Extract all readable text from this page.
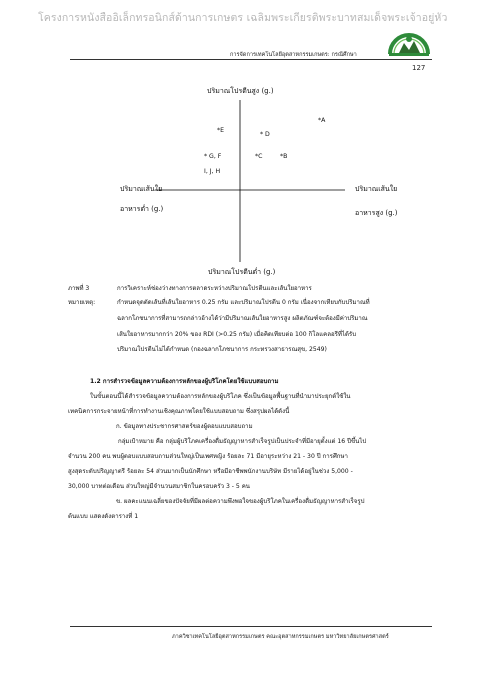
โครงการหนังสืออิเล็กทรอนิกส์ด้านการเกษตร เฉลิมพระเกียรติพระบาทสมเด็จพระเจ้าอยู่หัว
การจัดการเทคโนโลยีอุตสาหกรรมเกษตร: กรณีศึกษา
127
ปริมาณโปรตีนสูง (g.)
ปริมาณโปรตีนต่ำ (g.)
ปริมาณเส้นใย
อาหารต่ำ (g.)
ปริมาณเส้นใย
อาหารสูง (g.)
*A
*E
* D
* G, F	*C	*B
I, J, H
ภาพที่ 3	การวิเคราะห์ช่องว่างทางการตลาดระหว่างปริมาณโปรตีนและเส้นใยอาหาร
หมายเหตุ:	กำหนดจุดตัดเส้นที่เส้นใยอาหาร 0.25 กรัม และปริมาณโปรตีน 0 กรัม เนื่องจากเทียบกับปริมาณที่
ฉลากโภชนาการที่สามารถกล่าวอ้างได้ว่ามีปริมาณเส้นใยอาหารสูง ผลิตภัณฑ์จะต้องมีค่าปริมาณ
เส้นใยอาหารมากกว่า 20% ของ RDI (>0.25 กรัม) เมื่อคิดเทียบต่อ 100 กิโลแคลอรีที่ได้รับ
ปริมาณโปรตีนไม่ได้กำหนด (กองฉลากโภชนาการ กระทรวงสาธารณสุข, 2549)
1.2 การสำรวจข้อมูลความต้องการหลักของผู้บริโภคโดยใช้แบบสอบถาม
ในขั้นตอนนี้ได้สำรวจข้อมูลความต้องการหลักของผู้บริโภค ซึ่งเป็นข้อมูลพื้นฐานที่นำมาประยุกต์ใช้ใน
เทคนิคการกระจายหน้าที่การทำงานเชิงคุณภาพโดยใช้แบบสอบถาม ซึ่งสรุปผลได้ดังนี้
ก. ข้อมูลทางประชากรศาสตร์ของผู้ตอบแบบสอบถาม
กลุ่มเป้าหมาย คือ กลุ่มผู้บริโภคเครื่องดื่มธัญญาหารสำเร็จรูปเป็นประจำที่มีอายุตั้งแต่ 16 ปีขึ้นไป
จำนวน 200 คน พบผู้ตอบแบบสอบถามส่วนใหญ่เป็นเพศหญิง ร้อยละ 71 มีอายุระหว่าง 21 - 30 ปี การศึกษา
สูงสุดระดับปริญญาตรี ร้อยละ 54 ส่วนมากเป็นนักศึกษา หรือมีอาชีพพนักงานบริษัท มีรายได้อยู่ในช่วง 5,000 -
30,000 บาทต่อเดือน ส่วนใหญ่มีจำนวนสมาชิกในครอบครัว 3 - 5 คน
ข. ผลคะแนนเฉลี่ยของปัจจัยที่มีผลต่อความพึงพอใจของผู้บริโภคในเครื่องดื่มธัญญาหารสำเร็จรูป
ต้นแบบ แสดงดังตารางที่ 1
ภาควิชาเทคโนโลยีอุตสาหกรรมเกษตร คณะอุตสาหกรรมเกษตร มหาวิทยาลัยเกษตรศาสตร์
